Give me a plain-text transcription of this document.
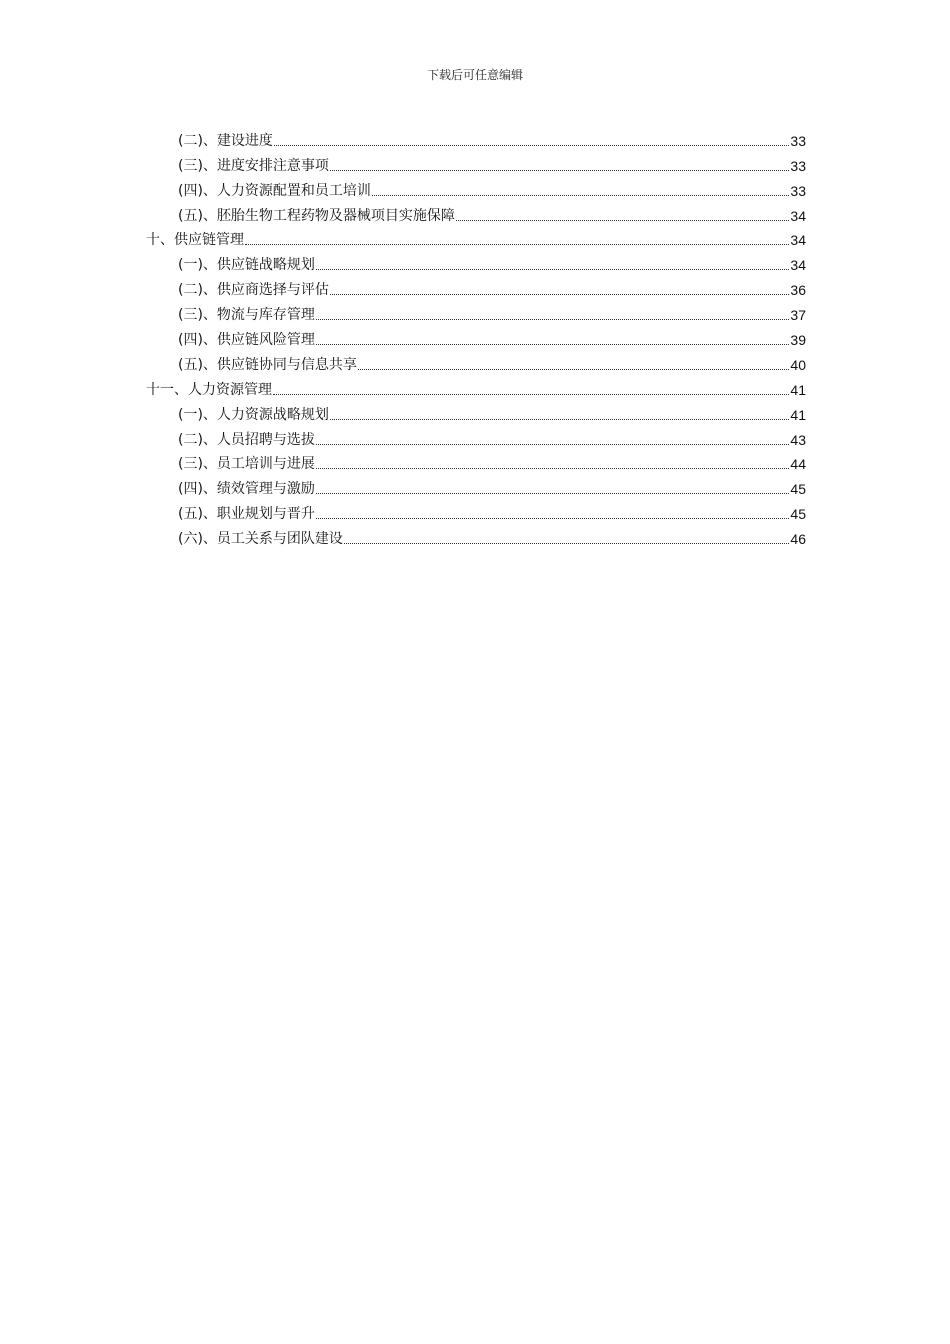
下载后可任意编辑
(二)、建设进度	33
(三)、进度安排注意事项	33
(四)、人力资源配置和员工培训	33
(五)、胚胎生物工程药物及器械项目实施保障	34
十、供应链管理	34
(一)、供应链战略规划	34
(二)、供应商选择与评估	36
(三)、物流与库存管理	37
(四)、供应链风险管理	39
(五)、供应链协同与信息共享	40
十一、人力资源管理	41
(一)、人力资源战略规划	41
(二)、人员招聘与选拔	43
(三)、员工培训与进展	44
(四)、绩效管理与激励	45
(五)、职业规划与晋升	45
(六)、员工关系与团队建设	46
